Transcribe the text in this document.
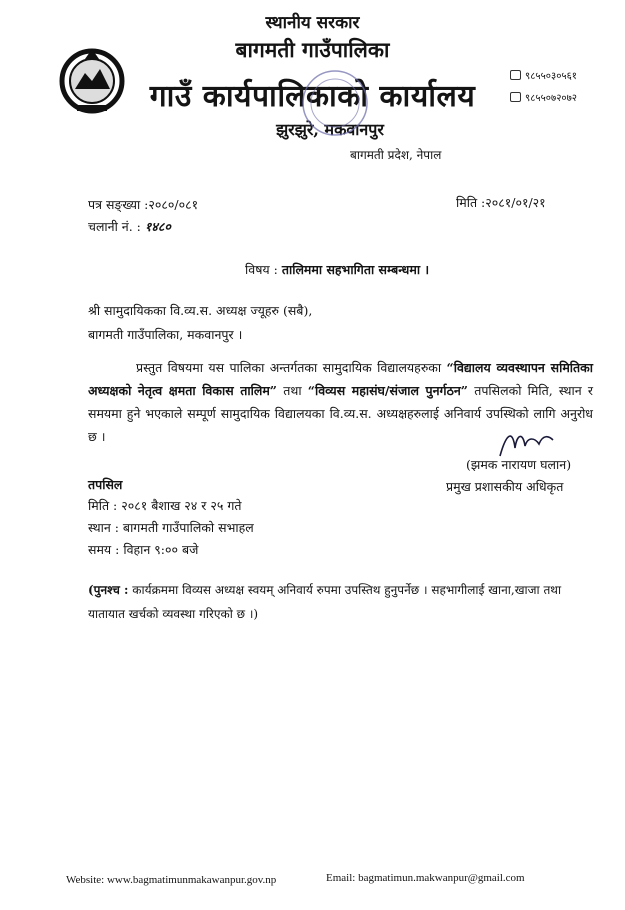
स्थानीय सरकार
बागमती गाउँपालिका
गाउँ कार्यपालिकाको कार्यालय
झुरझुरे, मकवानपुर
बागमती प्रदेश, नेपाल
९८५५०३०५६१
९८५५०७२०७२
पत्र सङ्ख्या :२०८०/०८१	मिति :२०८१/०१/२१
चलानी नं. : १४८०
विषय : तालिममा सहभागिता सम्बन्धमा ।
श्री सामुदायिकका वि.व्य.स. अध्यक्ष ज्यूहरु (सबै),
बागमती गाउँपालिका, मकवानपुर ।
प्रस्तुत विषयमा यस पालिका अन्तर्गतका सामुदायिक विद्यालयहरुका “विद्यालय व्यवस्थापन समितिका अध्यक्षको नेतृत्व क्षमता विकास तालिम” तथा “विव्यस महासंघ/संजाल पुनर्गठन” तपसिलको मिति, स्थान र समयमा हुने भएकाले सम्पूर्ण सामुदायिक विद्यालयका वि.व्य.स. अध्यक्षहरुलाई अनिवार्य उपस्थिको लागि अनुरोध छ ।
(झमक नारायण घलान)
प्रमुख प्रशासकीय अधिकृत
तपसिल
मिति : २०८१ बैशाख २४ र २५ गते
स्थान : बागमती गाउँपालिको सभाहल
समय : विहान ९:०० बजे
(पुनश्च : कार्यक्रममा विव्यस अध्यक्ष स्वयम् अनिवार्य रुपमा उपस्तिथ हुनुपर्नेछ । सहभागीलाई खाना,खाजा तथा यातायात खर्चको व्यवस्था गरिएको छ ।)
Website: www.bagmatimunmakawanpur.gov.np	Email: bagmatimun.makwanpur@gmail.com
